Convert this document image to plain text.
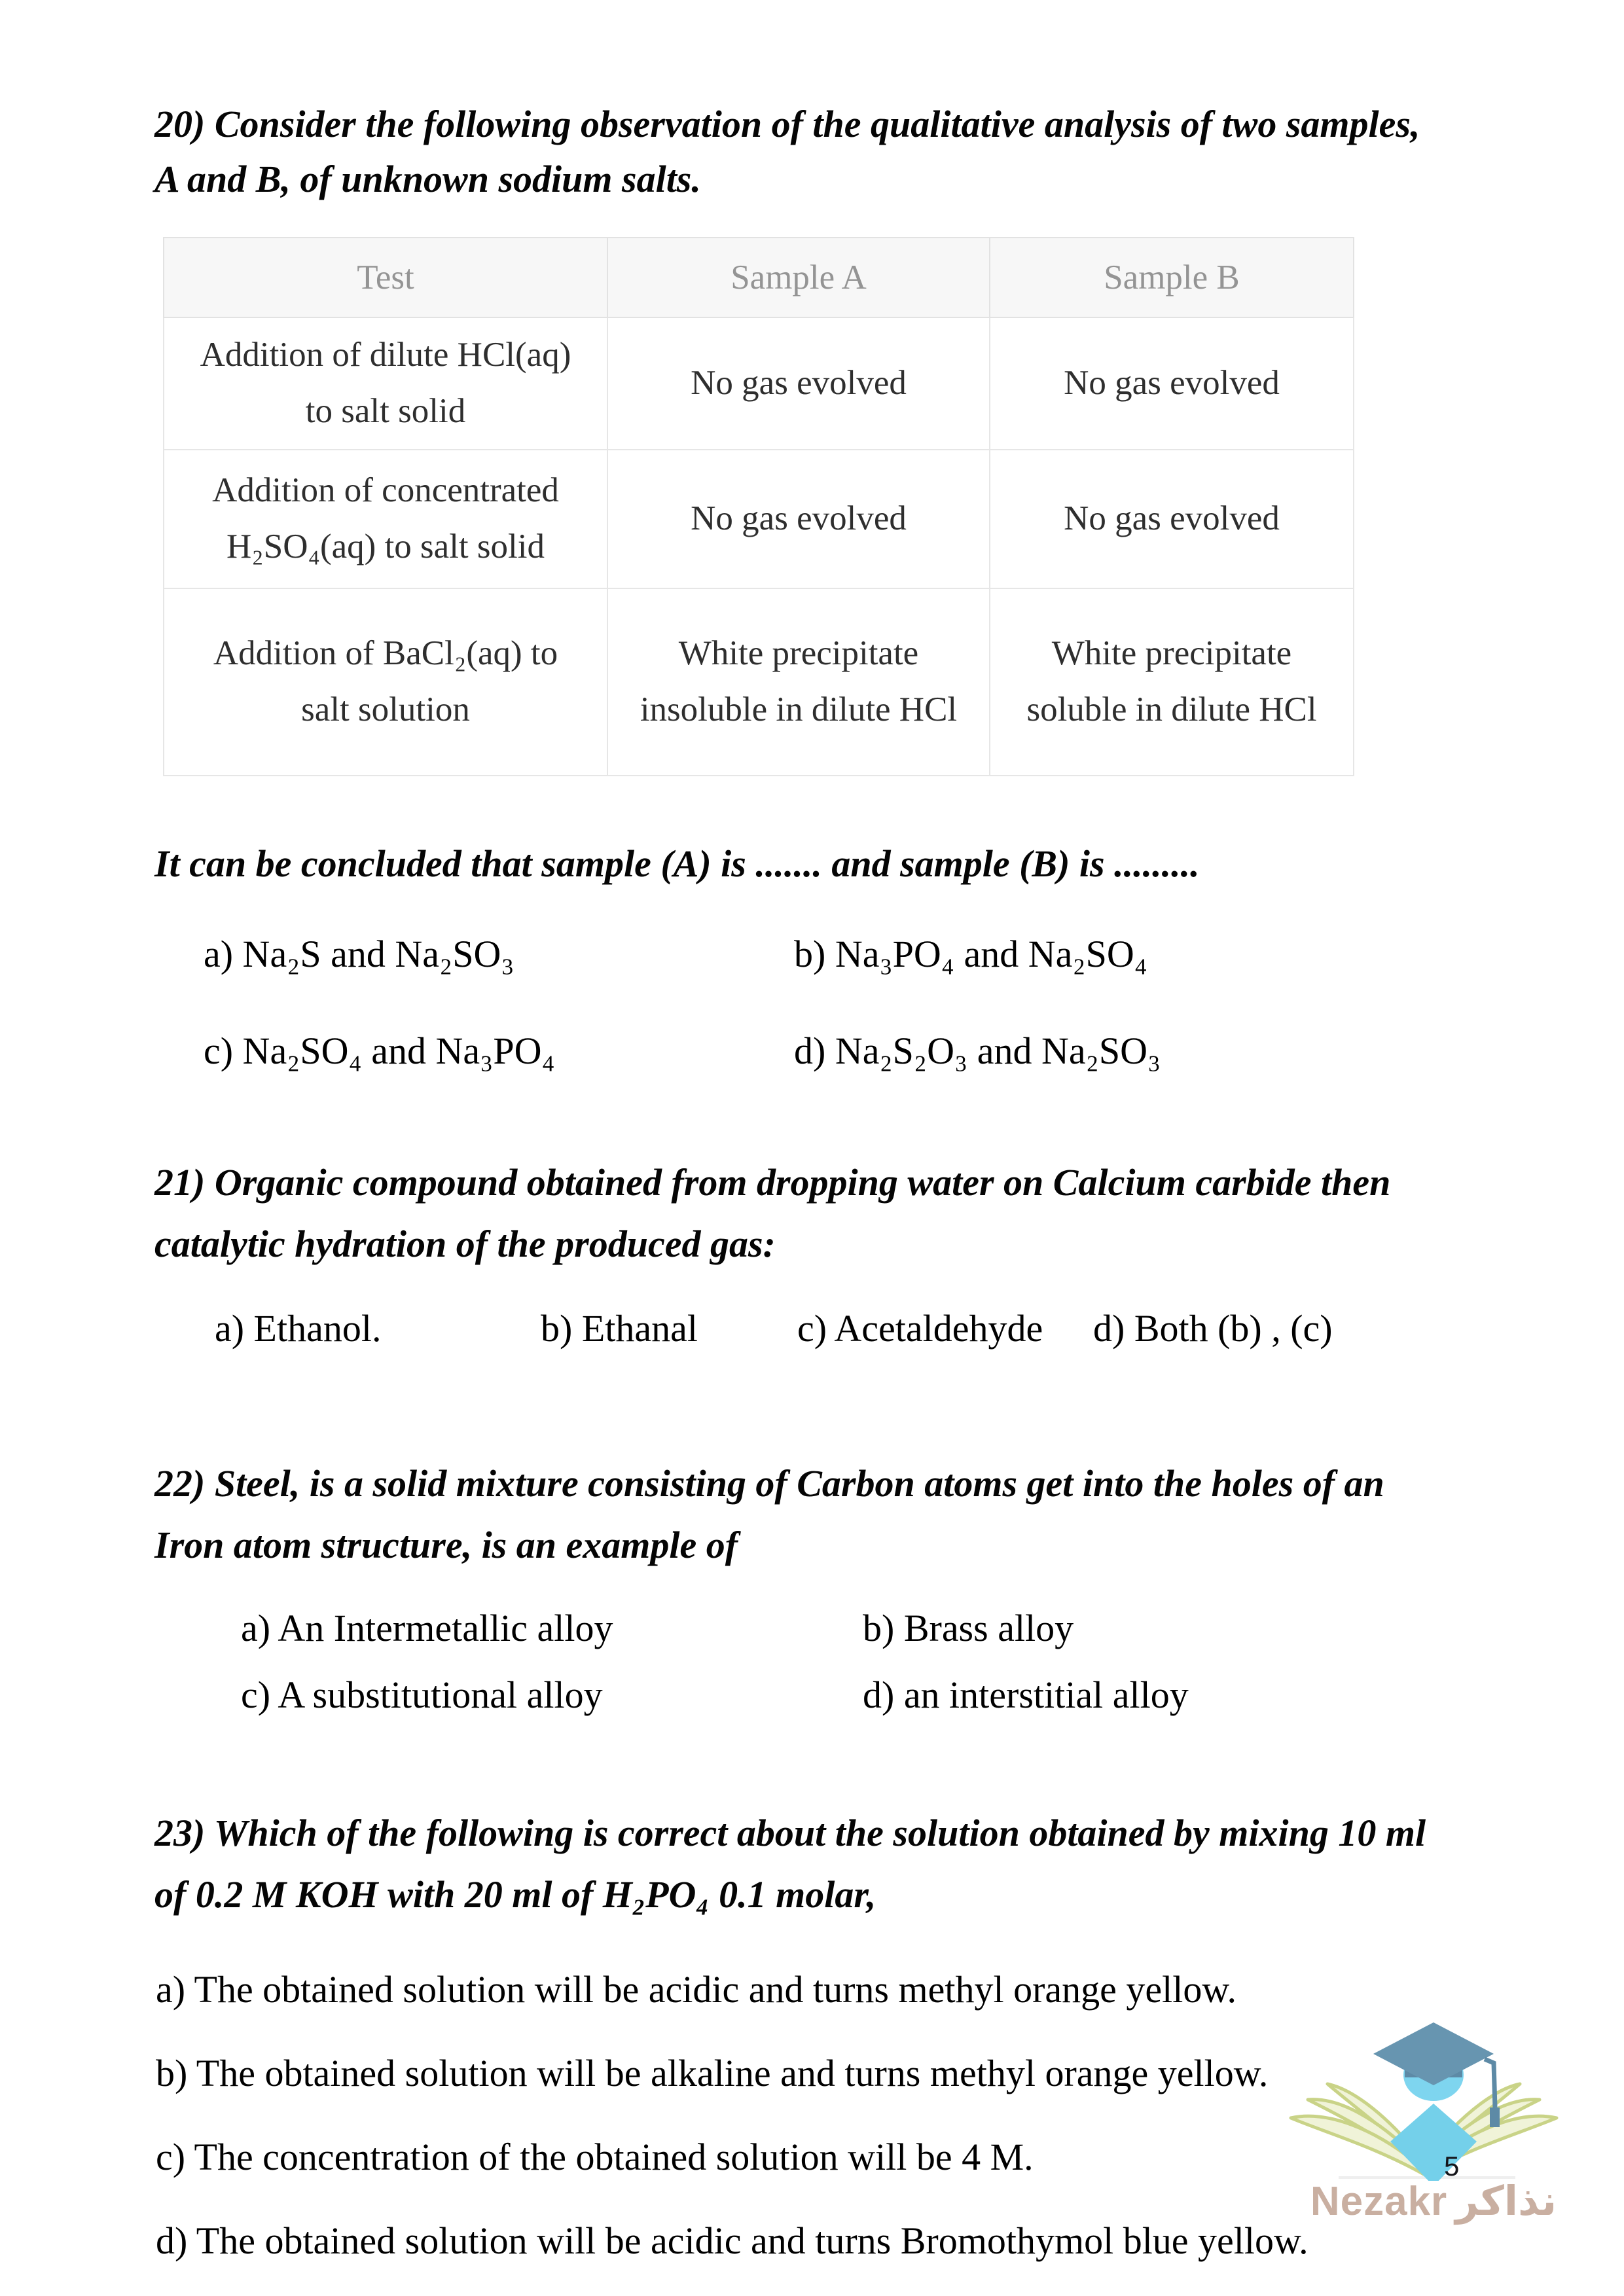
20) Consider the following observation of the qualitative analysis of two samples,
A and B, of unknown sodium salts.
Test	Sample A	Sample B
Addition of dilute HCl(aq) to salt solid	No gas evolved	No gas evolved
Addition of concentrated H₂SO₄(aq) to salt solid	No gas evolved	No gas evolved
Addition of BaCl₂(aq) to salt solution	White precipitate insoluble in dilute HCl	White precipitate soluble in dilute HCl
It can be concluded that sample (A) is ....... and sample (B) is .........
a) Na₂S and Na₂SO₃	b) Na₃PO₄ and Na₂SO₄
c) Na₂SO₄ and Na₃PO₄	d) Na₂S₂O₃ and Na₂SO₃
21) Organic compound obtained from dropping water on Calcium carbide then
catalytic hydration of the produced gas:
a) Ethanol.	b) Ethanal	c) Acetaldehyde	d) Both (b) , (c)
22) Steel, is a solid mixture consisting of Carbon atoms get into the holes of an
Iron atom structure, is an example of
a) An Intermetallic alloy	b) Brass alloy
c) A substitutional alloy	d) an interstitial alloy
23) Which of the following is correct about the solution obtained by mixing 10 ml
of 0.2 M KOH with 20 ml of H₂PO₄ 0.1 molar,

a) The obtained solution will be acidic and turns methyl orange yellow.

b) The obtained solution will be alkaline and turns methyl orange yellow.

c) The concentration of the obtained solution will be 4 M.

d) The obtained solution will be acidic and turns Bromothymol blue yellow.

Nezakr نذاكر
5
